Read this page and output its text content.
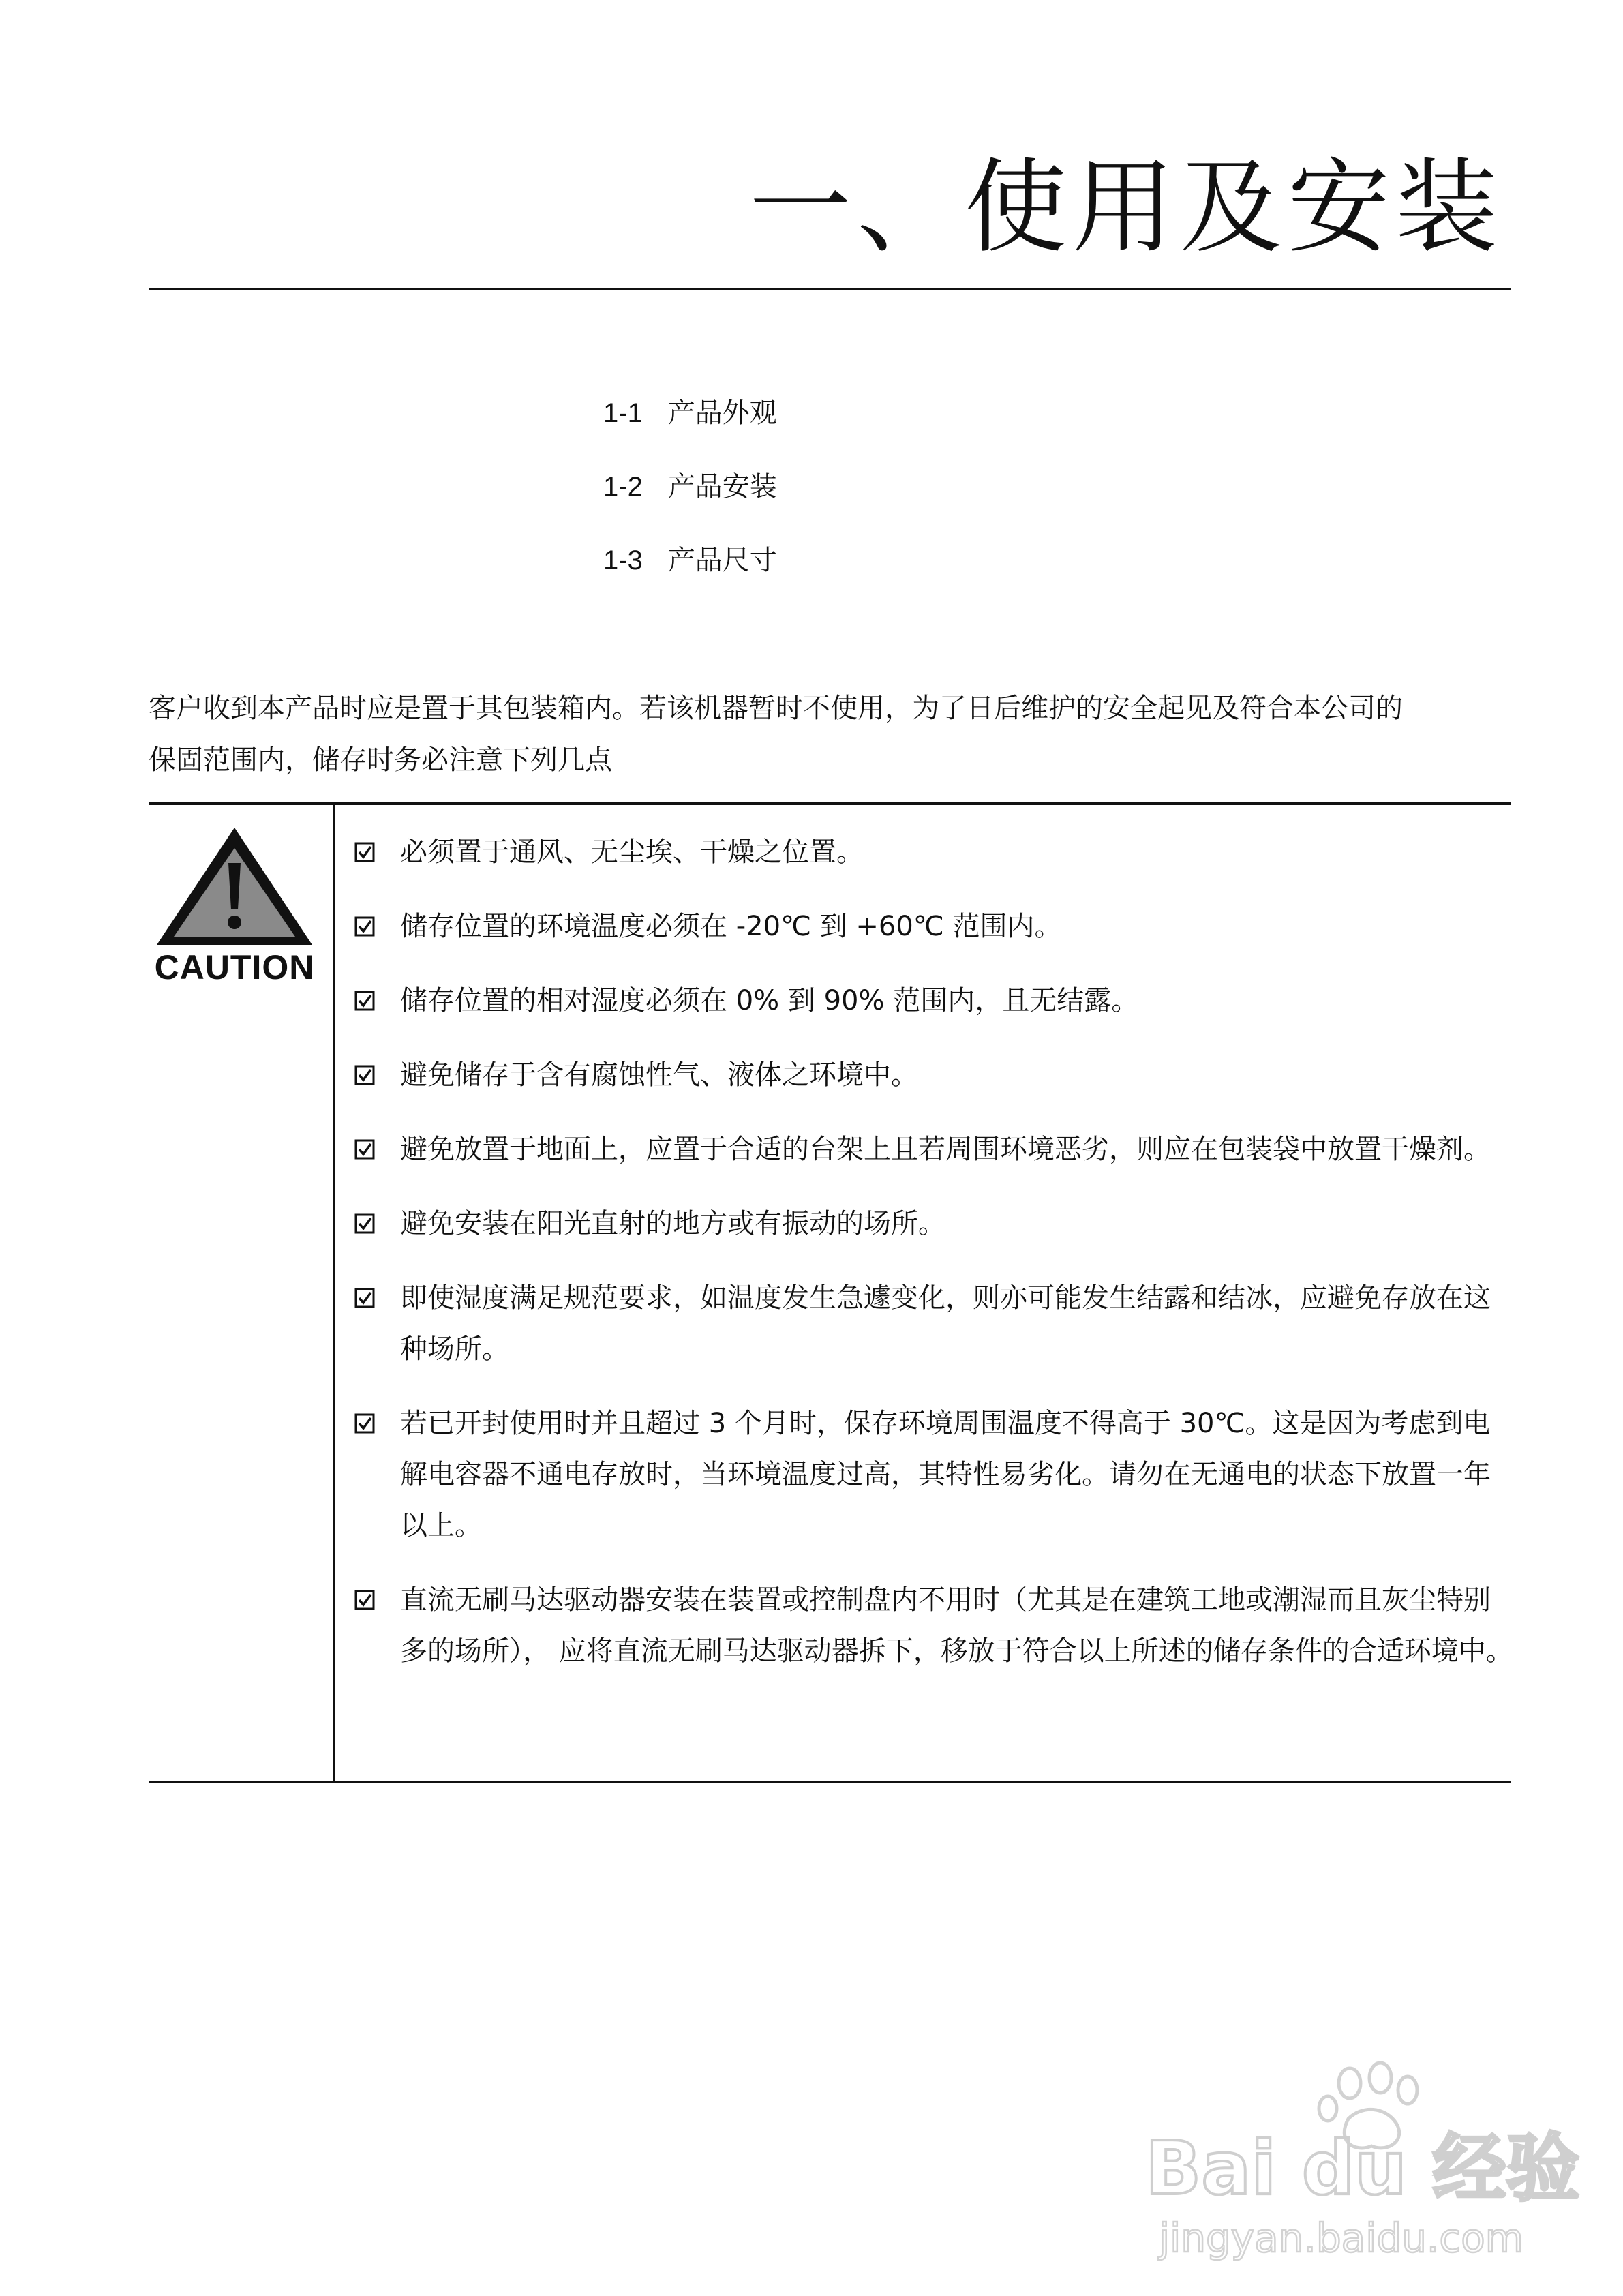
一、使用及安装
1-1 产品外观
1-2 产品安装
1-3 产品尺寸

客户收到本产品时应是置于其包装箱内。若该机器暂时不使用，为了日后维护的安全起见及符合本公司的

保固范围内，储存时务必注意下列几点

CAUTION
必须置于通风、无尘埃、干燥之位置。
储存位置的环境温度必须在 -20℃ 到 +60℃ 范围内。
储存位置的相对湿度必须在 0% 到 90% 范围内，且无结露。
避免储存于含有腐蚀性气、液体之环境中。
避免放置于地面上，应置于合适的台架上且若周围环境恶劣，则应在包装袋中放置干燥剂。
避免安装在阳光直射的地方或有振动的场所。
即使湿度满足规范要求，如温度发生急遽变化，则亦可能发生结露和结冰，应避免存放在这种场所。
若已开封使用时并且超过 3 个月时，保存环境周围温度不得高于 30℃。这是因为考虑到电解电容器不通电存放时，当环境温度过高，其特性易劣化。请勿在无通电的状态下放置一年以上。
直流无刷马达驱动器安装在装置或控制盘内不用时（尤其是在建筑工地或潮湿而且灰尘特别多的场所）， 应将直流无刷马达驱动器拆下，移放于符合以上所述的储存条件的合适环境中。
Bai du 经验
jingyan.baidu.com
